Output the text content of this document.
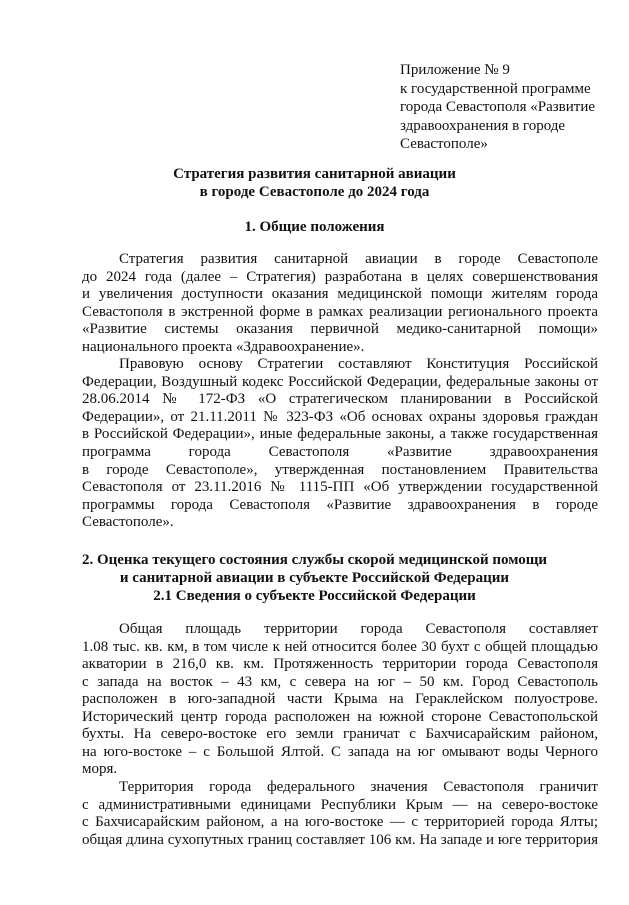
Приложение № 9
к государственной программе
города Севастополя «Развитие
здравоохранения в городе
Севастополе»
Стратегия развития санитарной авиации
в городе Севастополе до 2024 года
1. Общие положения
Стратегия развития санитарной авиации в городе Севастополе
до 2024 года (далее – Стратегия) разработана в целях совершенствования
и увеличения доступности оказания медицинской помощи жителям города
Севастополя в экстренной форме в рамках реализации регионального проекта
«Развитие системы оказания первичной медико-санитарной помощи»
национального проекта «Здравоохранение».
Правовую основу Стратегии составляют Конституция Российской
Федерации, Воздушный кодекс Российской Федерации, федеральные законы от
28.06.2014 № 172-ФЗ «О стратегическом планировании в Российской
Федерации», от 21.11.2011 № 323-ФЗ «Об основах охраны здоровья граждан
в Российской Федерации», иные федеральные законы, а также государственная
программа города Севастополя «Развитие здравоохранения
в городе Севастополе», утвержденная постановлением Правительства
Севастополя от 23.11.2016 № 1115-ПП «Об утверждении государственной
программы города Севастополя «Развитие здравоохранения в городе
Севастополе».
2. Оценка текущего состояния службы скорой медицинской помощи
и санитарной авиации в субъекте Российской Федерации
2.1 Сведения о субъекте Российской Федерации
Общая площадь территории города Севастополя составляет
1.08 тыс. кв. км, в том числе к ней относится более 30 бухт с общей площадью
акватории в 216,0 кв. км. Протяженность территории города Севастополя
с запада на восток – 43 км, с севера на юг – 50 км. Город Севастополь
расположен в юго-западной части Крыма на Гераклейском полуострове.
Исторический центр города расположен на южной стороне Севастопольской
бухты. На северо-востоке его земли граничат с Бахчисарайским районом,
на юго-востоке – с Большой Ялтой. С запада на юг омывают воды Черного
моря.
Территория города федерального значения Севастополя граничит
с административными единицами Республики Крым — на северо-востоке
с Бахчисарайским районом, а на юго-востоке — с территорией города Ялты;
общая длина сухопутных границ составляет 106 км. На западе и юге территория
